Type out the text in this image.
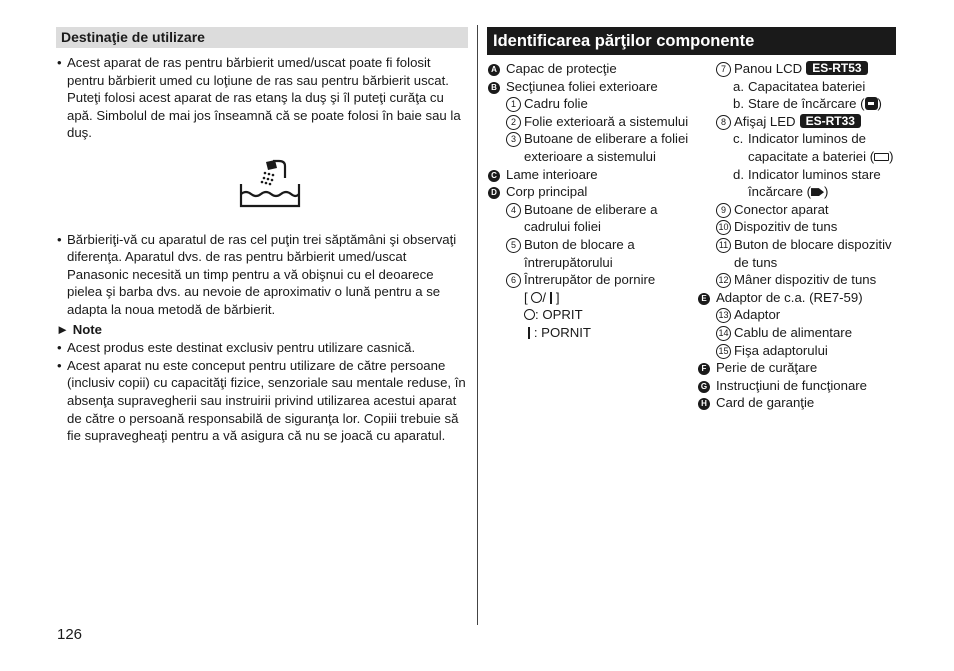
Destinaţie de utilizare
• Acest aparat de ras pentru bărbierit umed/uscat poate fi folosit pentru bărbierit umed cu loţiune de ras sau pentru bărbierit uscat. Puteţi folosi acest aparat de ras etanş la duş şi îl puteţi curăţa cu apă. Simbolul de mai jos înseamnă că se poate folosi în baie sau la duş.
• Bărbieriţi-vă cu aparatul de ras cel puţin trei săptămâni şi observaţi diferenţa. Aparatul dvs. de ras pentru bărbierit umed/uscat Panasonic necesită un timp pentru a vă obişnui cu el deoarece pielea şi barba dvs. au nevoie de aproximativ o lună pentru a se adapta la noua metodă de bărbierit.
► Note
• Acest produs este destinat exclusiv pentru utilizare casnică.
• Acest aparat nu este conceput pentru utilizare de către persoane (inclusiv copii) cu capacităţi fizice, senzoriale sau mentale reduse, în absenţa supravegherii sau instruirii privind utilizarea acestui aparat de către o persoană responsabilă de siguranţa lor. Copiii trebuie să fie supravegheaţi pentru a vă asigura că nu se joacă cu aparatul.
Identificarea părţilor componente
A Capac de protecţie
B Secţiunea foliei exterioare
1 Cadru folie
2 Folie exterioară a sistemului
3 Butoane de eliberare a foliei exterioare a sistemului
C Lame interioare
D Corp principal
4 Butoane de eliberare a cadrului foliei
5 Buton de blocare a întrerupătorului
6 Întrerupător de pornire
[ / ]
: OPRIT
: PORNIT
7 Panou LCD ES-RT53
a. Capacitatea bateriei
b. Stare de încărcare ( )
8 Afişaj LED ES-RT33
c. Indicator luminos de capacitate a bateriei ( )
d. Indicator luminos stare încărcare ( )
9 Conector aparat
10 Dispozitiv de tuns
11 Buton de blocare dispozitiv de tuns
12 Mâner dispozitiv de tuns
E Adaptor de c.a. (RE7-59)
13 Adaptor
14 Cablu de alimentare
15 Fişa adaptorului
F Perie de curăţare
G Instrucţiuni de funcţionare
H Card de garanţie
126
